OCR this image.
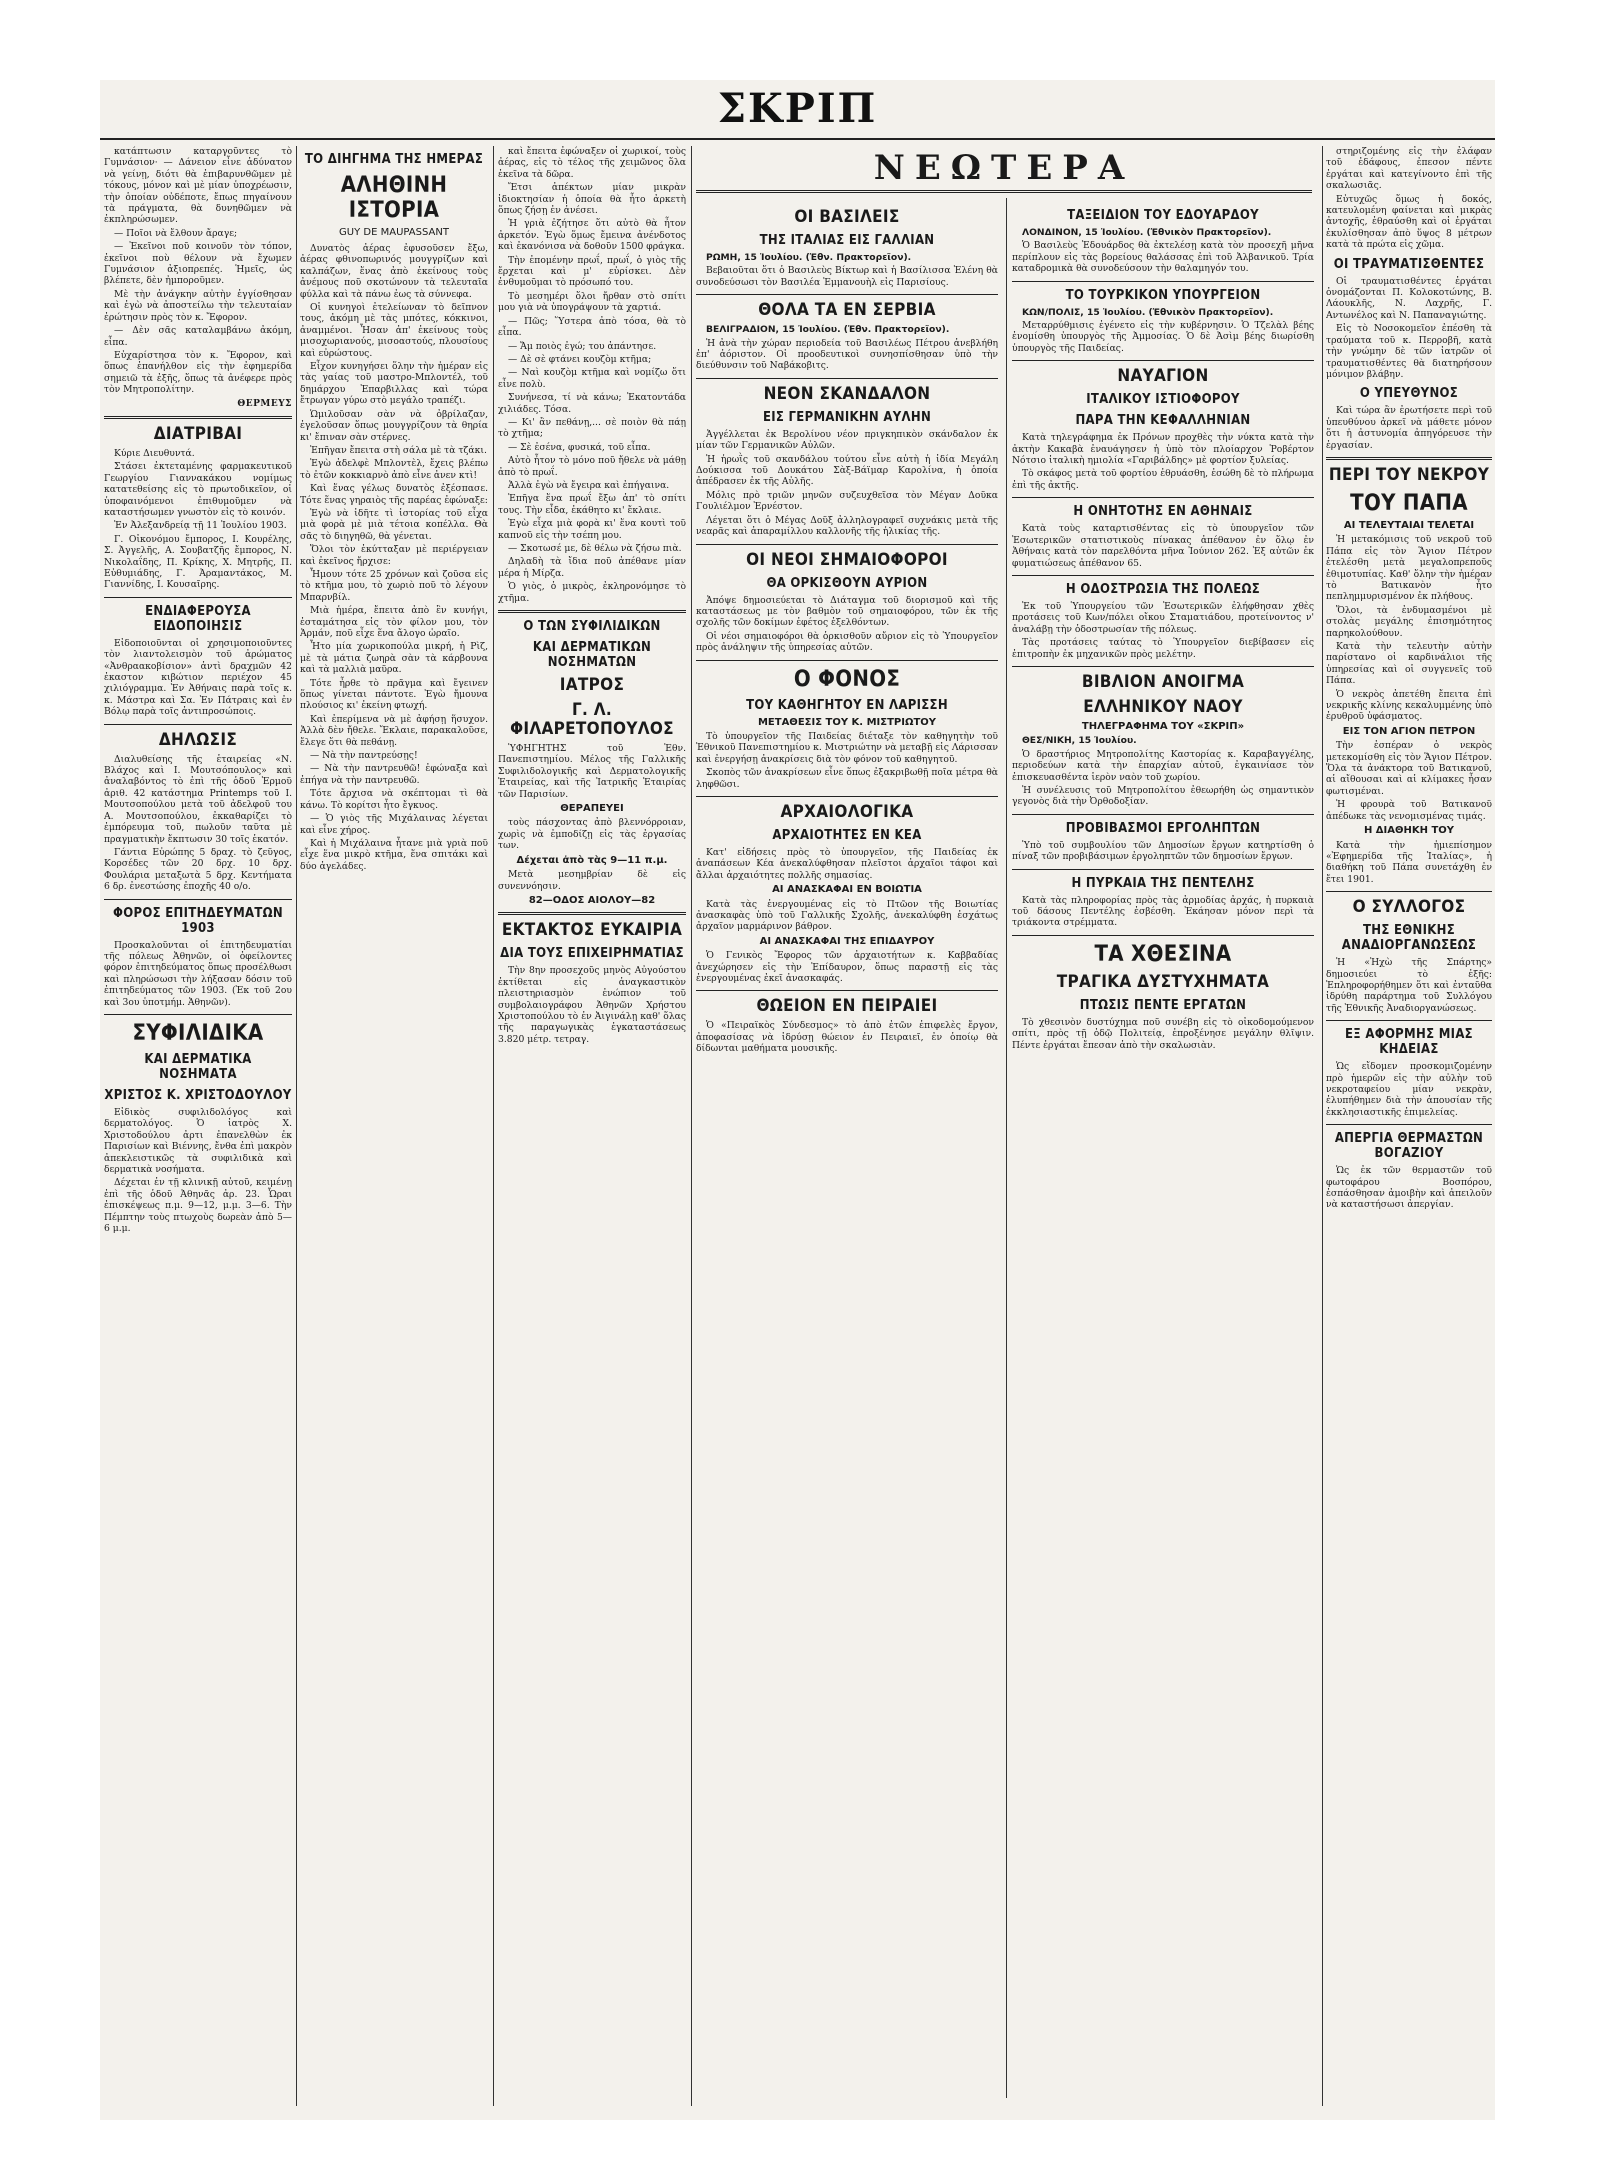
ΣΚΡΙΠ

κατάπτωσιν καταργοῦντες τὸ Γυμνάσιον· — Δάνειον εἶνε ἀδύνατον νὰ γείνῃ, διότι θὰ ἐπιβαρυνθῶμεν μὲ τόκους, μόνον καὶ μὲ μίαν ὑποχρέωσιν, τὴν ὁποίαν οὐδέποτε, ἔπως πηγαίνουν τὰ πράγματα, θὰ δυνηθῶμεν νὰ ἐκπληρώσωμεν.

— Ποῖοι νὰ ἔλθουν ἄραγε;

— Ἐκεῖνοι ποῦ κοινοῦν τὸν τόπον, ἐκεῖνοι ποὺ θέλουν νὰ ἔχωμεν Γυμνάσιον ἀξιοπρεπές. Ἡμεῖς, ὡς βλέπετε, δὲν ἠμποροῦμεν.

Μὲ τὴν ἀνάγκην αὐτὴν ἐγγίσθησαν καὶ ἐγὼ νὰ ἀποστείλω τὴν τελευταίαν ἐρώτησιν πρὸς τὸν κ. Ἔφορον.

— Δὲν σᾶς καταλαμβάνω ἀκόμη, εἶπα.

Εὐχαρίστησα τὸν κ. Ἔφορον, καὶ ὅπως ἐπανήλθον εἰς τὴν ἐφημερίδα σημειῶ τὰ ἐξῆς, ὅπως τὰ ἀνέφερε πρὸς τὸν Μητροπολίτην.

ΘΕΡΜΕΥΣ
ΔΙΑΤΡΙΒΑΙ

Κύριε Διευθυντά.

Στάσει ἐκτεταμένης φαρμακευτικοῦ Γεωργίου Γιαννακάκου νομίμως κατατεθείσης εἰς τὸ πρωτοδικεῖον, οἱ ὑποφαινόμενοι ἐπιθυμοῦμεν νὰ καταστήσωμεν γνωστὸν εἰς τὸ κοινόν.

Ἐν Ἀλεξανδρείᾳ τῇ 11 Ἰουλίου 1903.

Γ. Οἰκονόμου ἔμπορος, Ι. Κουρέλης, Σ. Ἀγγελῆς, Α. Σουβατζῆς ἔμπορος, Ν. Νικολαΐδης, Π. Κρίκης, Χ. Μητρῆς, Π. Εὐθυμιάδης, Γ. Ἀραμαντάκος, Μ. Γιαννίδης, Ι. Κουσαῖρης.

ΕΝΔΙΑΦΕΡΟΥΣΑ ΕΙΔΟΠΟΙΗΣΙΣ

Εἰδοποιοῦνται οἱ χρησιμοποιοῦντες τὸν λιαντολεισμὸν τοῦ ἀρώματος «Ἀνθραακοβίσιον» ἀντὶ δραχμῶν 42 ἐκαστον κιβώτιον περιέχον 45 χιλιόγραμμα. Ἐν Ἀθήναις παρὰ τοῖς κ. κ. Μάστρα καὶ Σα. Ἐν Πάτραις καὶ ἐν Βόλῳ παρὰ τοῖς ἀντιπροσώποις.

ΔΗΛΩΣΙΣ

Διαλυθείσης τῆς ἑταιρείας «Ν. Βλάχος καὶ Ι. Μουτσόπουλος» καὶ ἀναλαβόντος τὸ ἐπὶ τῆς ὁδοῦ Ἑρμοῦ ἀριθ. 42 κατάστημα Printemps τοῦ Ι. Μουτσοπούλου μετὰ τοῦ ἀδελφοῦ του Α. Μουτσοπούλου, ἐκκαθαρίζει τὸ ἐμπόρευμα τοῦ, πωλοῦν ταῦτα μὲ πραγματικὴν ἔκπτωσιν 30 τοῖς ἑκατόν.

Γάντια Εὐρώπης 5 δραχ. τὸ ζεῦγος, Κορσέδες τῶν 20 δρχ. 10 δρχ. Φουλάρια μεταξωτὰ 5 δρχ. Κεντήματα 6 δρ. ἐνεστώσης ἐποχῆς 40 ο/ο.

ΦΟΡΟΣ ΕΠΙΤΗΔΕΥΜΑΤΩΝ 1903

Προσκαλοῦνται οἱ ἐπιτηδευματίαι τῆς πόλεως Ἀθηνῶν, οἱ ὀφείλοντες φόρον ἐπιτηδεύματος ὅπως προσέλθωσι καὶ πληρώσωσι τὴν λήξασαν δόσιν τοῦ ἐπιτηδεύματος τῶν 1903. (Ἐκ τοῦ 2ου καὶ 3ου ὑποτμήμ. Ἀθηνῶν).

ΣΥΦΙΛΙΔΙΚΑ
ΚΑΙ ΔΕΡΜΑΤΙΚΑ ΝΟΣΗΜΑΤΑ
ΧΡΙΣΤΟΣ Κ. ΧΡΙΣΤΟΔΟΥΛΟΥ

Εἰδικὸς συφιλιδολόγος καὶ δερματολόγος. Ὁ ἰατρὸς Χ. Χριστοδούλου ἀρτι ἐπανελθὼν ἐκ Παρισίων καὶ Βιέννης, ἔνθα ἐπὶ μακρὸν ἀπεκλειστικῶς τὰ συφιλιδικὰ καὶ δερματικὰ νοσήματα.

Δέχεται ἐν τῇ κλινικῇ αὐτοῦ, κειμένῃ ἐπὶ τῆς ὁδοῦ Ἀθηνᾶς ἀρ. 23. Ὧραι ἐπισκέψεως π.μ. 9—12, μ.μ. 3—6. Τὴν Πέμπτην τοὺς πτωχοὺς δωρεὰν ἀπὸ 5—6 μ.μ.

ΤΟ ΔΙΗΓΗΜΑ ΤΗΣ ΗΜΕΡΑΣ
ΑΛΗΘΙΝΗ ΙΣΤΟΡΙΑ
GUY DE MAUPASSANT

Δυνατὸς ἀέρας ἐφυσοῦσεν ἔξω, ἀέρας φθινοπωρινός μουγγρίζων καὶ καλπάζων, ἕνας ἀπὸ ἐκείνους τοὺς ἀνέμους ποῦ σκοτώνουν τὰ τελευταῖα φύλλα καὶ τὰ πάνω ἐως τὰ σύννεφα.

Οἱ κυνηγοὶ ἐτελείωναν τὸ δεῖπνον τους, ἀκόμη μὲ τὰς μπότες, κόκκινοι, ἀναμμένοι. Ἦσαν ἀπ' ἐκείνους τοὺς μισοχωριανούς, μισοαστούς, πλουσίους καὶ εὐρώστους.

Εἶχον κυνηγήσει ὅλην τὴν ἡμέραν εἰς τὰς γαίας τοῦ μαστρο-Μπλοντέλ, τοῦ δημάρχου Ἐπαρβιλλας καὶ τώρα ἔτρωγαν γύρω στὸ μεγάλο τραπέζι.

Ὡμιλοῦσαν σὰν νὰ ὀβρίλαζαν, ἐγελοῦσαν ὅπως μουγγρίζουν τὰ θηρία κι' ἔπιναν σὰν στέρνες.

Ἐπῆγαν ἔπειτα στὴ σάλα μὲ τὰ τζάκι.

Ἐγὼ ἀδελφὲ Μπλοντὲλ, ἔχεις βλέπω τὸ ἐτῶν κοκκιαρνὸ ἀπὸ εἶνε ἀνεν κτὶ!

Καὶ ἕνας γέλως δυνατὸς ἐξέσπασε. Τότε ἕνας γηραιὸς τῆς παρέας ἐφώναξε:

Ἐγὼ νὰ ἰδῆτε τὶ ἱστορίας τοῦ εἶχα μιὰ φορὰ μὲ μιὰ τέτοια κοπέλλα. Θὰ σᾶς τὸ διηγηθῶ, θὰ γένεται.

Ὅλοι τὸν ἐκύτταξαν μὲ περιέργειαν καὶ ἐκεῖνος ἤρχισε:

Ἦμουν τότε 25 χρόνων καὶ ζοῦσα εἰς τὸ κτῆμα μου, τὸ χωριὸ ποῦ τὸ λέγουν Μπαρνβίλ.

Μιὰ ἡμέρα, ἔπειτα ἀπὸ ἓν κυνήγι, ἐσταμάτησα εἰς τὸν φίλον μου, τὸν Ἀρμάν, ποῦ εἶχε ἕνα ἄλογο ὡραῖο.

Ἦτο μία χωρικοπούλα μικρή, ἡ Ρὶζ, μὲ τὰ μάτια ζωηρὰ σὰν τὰ κάρβουνα καὶ τὰ μαλλιὰ μαῦρα.

Τότε ἦρθε τὸ πρᾶγμα καὶ ἔγεινεν ὅπως γίνεται πάντοτε. Ἐγὼ ἤμουνα πλούσιος κι' ἐκείνη φτωχή.

Καὶ ἐπερίμενα νὰ μὲ ἀφήσῃ ἥσυχον. Ἀλλὰ δὲν ἤθελε. Ἔκλαιε, παρακαλοῦσε, ἔλεγε ὅτι θὰ πεθάνῃ.

— Νὰ τὴν παντρεύσῃς!

— Νὰ τὴν παντρευθῶ! ἐφώναξα καὶ ἐπήγα νὰ τὴν παντρευθῶ.

Τότε ἄρχισα νὰ σκέπτομαι τὶ θὰ κάνω. Τὸ κορίτσι ἦτο ἔγκυος.

— Ὁ γιὸς τῆς Μιχάλαινας λέγεται καὶ εἶνε χήρος.

Καὶ ἡ Μιχάλαινα ἦτανε μιὰ γριὰ ποῦ εἶχε ἕνα μικρὸ κτῆμα, ἕνα σπιτάκι καὶ δύο ἀγελάδες.

καὶ ἔπειτα ἐφώναξεν οἱ χωρικοί, τοὺς ἀέρας, εἰς τὸ τέλος τῆς χειμῶνος ὅλα ἐκεῖνα τὰ δῶρα.

Ἔτσι ἀπέκτων μίαν μικρὰν ἰδιοκτησίαν ἡ ὁποία θὰ ἦτο ἀρκετὴ ὅπως ζήσῃ ἐν ἀνέσει.

Ἡ γριὰ ἐζήτησε ὅτι αὐτὸ θὰ ἦτον ἀρκετόν. Ἐγὼ ὅμως ἔμεινα ἀνένδοτος καὶ ἐκανόνισα νὰ δοθοῦν 1500 φράγκα.

Τὴν ἐπομένην πρωΐ, πρωΐ, ὁ γιὸς τῆς ἔρχεται καὶ μ' εὑρίσκει. Δὲν ἐνθυμοῦμαι τὸ πρόσωπό του.

Τὸ μεσημέρι ὅλοι ἤρθαν στὸ σπίτι μου γιὰ νὰ ὑπογράψουν τὰ χαρτιά.

— Πῶς; Ὕστερα ἀπὸ τόσα, θὰ τὸ εἶπα.

— Ἄμ ποιὸς ἐγώ; του ἀπάντησε.

— Δὲ σὲ φτάνει κουζὸμ κτῆμα;

— Ναὶ κουζὸμ κτῆμα καὶ νομίζω ὅτι εἶνε πολὺ.

Συνήνεσα, τί νὰ κάνω; Ἐκατοντάδα χιλιάδες. Τόσα.

— Κι' ἂν πεθάνῃ,... σὲ ποιὸν θὰ πάῃ τὸ χτῆμα;

— Σὲ ἐσένα, φυσικά, τοῦ εἶπα.

Αὐτὸ ἦτον τὸ μόνο ποῦ ἤθελε νὰ μάθῃ ἀπὸ τὸ πρωΐ.

Ἀλλὰ ἐγὼ νὰ ἔγειρα καὶ ἐπήγαινα.

Ἐπῆγα ἕνα πρωΐ ἔξω ἀπ' τὸ σπίτι τους. Τὴν εἶδα, ἐκάθητο κι' ἔκλαιε.

Ἐγὼ εἶχα μιὰ φορὰ κι' ἕνα κουτὶ τοῦ καπνοῦ εἰς τὴν τσέπη μου.

— Σκοτωσέ με, δὲ θέλω νὰ ζήσω πιὰ.

Δηλαδὴ τὰ ἴδια ποῦ ἀπέθανε μίαν μέρα ἡ Μίρζα.

Ὁ γιὸς, ὁ μικρὸς, ἐκληρονόμησε τὸ χτῆμα.

Ο ΤΩΝ ΣΥΦΙΛΙΔΙΚΩΝ
ΚΑΙ ΔΕΡΜΑΤΙΚΩΝ ΝΟΣΗΜΑΤΩΝ
ΙΑΤΡΟΣ
Γ. Λ. ΦΙΛΑΡΕΤΟΠΟΥΛΟΣ

ὙΦΗΓΗΤΗΣ τοῦ Ἐθν. Πανεπιστημίου. Μέλος τῆς Γαλλικῆς Συφιλιδολογικῆς καὶ Δερματολογικῆς Ἑταιρείας, καὶ τῆς Ἰατρικῆς Ἑταιρίας τῶν Παρισίων.

ΘΕΡΑΠΕΥΕΙ

τοὺς πάσχοντας ἀπὸ βλεννόρροιαν, χωρὶς νὰ ἐμποδίζῃ εἰς τὰς ἐργασίας των.

Δέχεται ἀπὸ τὰς 9—11 π.μ.

Μετὰ μεσημβρίαν δὲ εἰς συνεννόησιν.

82—ΟΔΟΣ ΑΙΟΛΟΥ—82
ΕΚΤΑΚΤΟΣ ΕΥΚΑΙΡΙΑ
ΔΙΑ ΤΟΥΣ ΕΠΙΧΕΙΡΗΜΑΤΙΑΣ

Τὴν 8ην προσεχοῦς μηνὸς Αὐγούστου ἐκτίθεται εἰς ἀναγκαστικὸν πλειστηριασμὸν ἐνώπιον τοῦ συμβολαιογράφου Ἀθηνῶν Χρήστου Χριστοπούλου τὸ ἐν Ἀιγινάλῃ καθ' ὅλας τῆς παραγωγικὰς ἐγκαταστάσεως 3.820 μέτρ. τετραγ.

ΝΕΩΤΕΡΑ
ΟΙ ΒΑΣΙΛΕΙΣ
ΤΗΣ ΙΤΑΛΙΑΣ ΕΙΣ ΓΑΛΛΙΑΝ

ΡΩΜΗ, 15 Ἰουλίου. (Ἐθν. Πρακτορεῖον).

Βεβαιοῦται ὅτι ὁ Βασιλεὺς Βίκτωρ καὶ ἡ Βασίλισσα Ἑλένη θὰ συνοδεύσωσι τὸν Βασιλέα Ἐμμανουὴλ εἰς Παρισίους.

ΘΟΛΑ ΤΑ ΕΝ ΣΕΡΒΙΑ

ΒΕΛΙΓΡΑΔΙΟΝ, 15 Ἰουλίου. (Ἐθν. Πρακτορεῖον).

Ἡ ἀνὰ τὴν χώραν περιοδεία τοῦ Βασιλέως Πέτρου ἀνεβλήθη ἐπ' ἀόριστον. Οἱ προοδευτικοὶ συνησπίσθησαν ὑπὸ τὴν διεύθυνσιν τοῦ Ναβάκοβιτς.

ΝΕΟΝ ΣΚΑΝΔΑΛΟΝ
ΕΙΣ ΓΕΡΜΑΝΙΚΗΝ ΑΥΛΗΝ

Ἀγγέλλεται ἐκ Βερολίνου νέον πριγκηπικὸν σκάνδαλον ἐκ μίαν τῶν Γερμανικῶν Αὐλῶν.

Ἡ ἡρωῒς τοῦ σκανδάλου τούτου εἶνε αὐτὴ ἡ ἰδία Μεγάλη Δούκισσα τοῦ Δουκάτου Σὰξ-Βάϊμαρ Καρολίνα, ἡ ὁποία ἀπέδρασεν ἐκ τῆς Αὐλῆς.

Μόλις πρὸ τριῶν μηνῶν συζευχθεῖσα τὸν Μέγαν Δοῦκα Γουλιέλμον Ἐρνέστον.

Λέγεται ὅτι ὁ Μέγας Δοῦξ ἀλληλογραφεῖ συχνάκις μετὰ τῆς νεαρᾶς καὶ ἀπαραμίλλου καλλονῆς τῆς ἡλικίας τῆς.

ΟΙ ΝΕΟΙ ΣΗΜΑΙΟΦΟΡΟΙ
ΘΑ ΟΡΚΙΣΘΟΥΝ ΑΥΡΙΟΝ

Ἀπόψε δημοσιεύεται τὸ Διάταγμα τοῦ διορισμοῦ καὶ τῆς καταστάσεως με τὸν βαθμὸν τοῦ σημαιοφόρου, τῶν ἐκ τῆς σχολῆς τῶν δοκίμων ἐφέτος ἐξελθόντων.

Οἱ νέοι σημαιοφόροι θὰ ὁρκισθοῦν αὔριον εἰς τὸ Ὑπουργεῖον πρὸς ἀνάληψιν τῆς ὑπηρεσίας αὐτῶν.

Ο ΦΟΝΟΣ
ΤΟΥ ΚΑΘΗΓΗΤΟΥ ΕΝ ΛΑΡΙΣΣΗ
ΜΕΤΑΘΕΣΙΣ ΤΟΥ Κ. ΜΙΣΤΡΙΩΤΟΥ

Τὸ ὑπουργεῖον τῆς Παιδείας διέταξε τὸν καθηγητὴν τοῦ Ἐθνικοῦ Πανεπιστημίου κ. Μιστριώτην νὰ μεταβῇ εἰς Λάρισσαν καὶ ἐνεργήσῃ ἀνακρίσεις διὰ τὸν φόνον τοῦ καθηγητοῦ.

Σκοπὸς τῶν ἀνακρίσεων εἶνε ὅπως ἐξακριβωθῇ ποῖα μέτρα θὰ ληφθῶσι.

ΑΡΧΑΙΟΛΟΓΙΚΑ
ΑΡΧΑΙΟΤΗΤΕΣ ΕΝ ΚΕΑ

Κατ' εἰδήσεις πρὸς τὸ ὑπουργεῖον, τῆς Παιδείας ἐκ ἀναπάσεων Κέα ἀνεκαλύφθησαν πλεῖστοι ἀρχαῖοι τάφοι καὶ ἄλλαι ἀρχαιότητες πολλῆς σημασίας.

ΑΙ ΑΝΑΣΚΑΦΑΙ ΕΝ ΒΟΙΩΤΙΑ

Κατὰ τὰς ἐνεργουμένας εἰς τὸ Πτῶον τῆς Βοιωτίας ἀνασκαφὰς ὑπὸ τοῦ Γαλλικῆς Σχολῆς, ἀνεκαλύφθη ἐσχάτως ἀρχαῖον μαρμάρινον βάθρον.

ΑΙ ΑΝΑΣΚΑΦΑΙ ΤΗΣ ΕΠΙΔΑΥΡΟΥ

Ὁ Γενικὸς Ἔφορος τῶν ἀρχαιοτήτων κ. Καββαδίας ἀνεχώρησεν εἰς τὴν Ἐπίδαυρον, ὅπως παραστῇ εἰς τὰς ἐνεργουμένας ἐκεῖ ἀνασκαφάς.

ΘΩΕΙΟΝ ΕΝ ΠΕΙΡΑΙΕΙ

Ὁ «Πειραϊκὸς Σύνδεσμος» τὸ ἀπὸ ἐτῶν ἐπιφελὲς ἔργον, ἀποφασίσας νὰ ἱδρύσῃ θώειον ἐν Πειραιεῖ, ἐν ὁποίῳ θὰ δίδωνται μαθήματα μουσικῆς.

ΤΑΞΕΙΔΙΟΝ ΤΟΥ ΕΔΟΥΑΡΔΟΥ

ΛΟΝΔΙΝΟΝ, 15 Ἰουλίου. (Ἐθνικὸν Πρακτορεῖον).

Ὁ Βασιλεὺς Ἐδουάρδος θὰ ἐκτελέσῃ κατὰ τὸν προσεχῆ μῆνα περίπλουν εἰς τὰς βορείους θαλάσσας ἐπὶ τοῦ Ἀλβανικοῦ. Τρία καταδρομικὰ θὰ συνοδεύσουν τὴν θαλαμηγόν του.

ΤΟ ΤΟΥΡΚΙΚΟΝ ΥΠΟΥΡΓΕΙΟΝ

ΚΩΝ/ΠΟΛΙΣ, 15 Ἰουλίου. (Ἐθνικὸν Πρακτορεῖον).

Μεταρρύθμισις ἐγένετο εἰς τὴν κυβέρνησιν. Ὁ Τζελὰλ βέης ἐνομίσθη ὑπουργὸς τῆς Ἀμμοσίας. Ὁ δὲ Ἀσὶμ βέης διωρίσθη ὑπουργὸς τῆς Παιδείας.

ΝΑΥΑΓΙΟΝ
ΙΤΑΛΙΚΟΥ ΙΣΤΙΟΦΟΡΟΥ
ΠΑΡΑ ΤΗΝ ΚΕΦΑΛΛΗΝΙΑΝ

Κατὰ τηλεγράφημα ἐκ Πρόνων προχθὲς τὴν νύκτα κατὰ τὴν ἀκτὴν Κακαβὰ ἐναυάγησεν ἡ ὑπὸ τὸν πλοίαρχον Ῥοβέρτον Νότσιο ἰταλικὴ ημιολία «Γαριβάλδης» μὲ φορτίον ξυλείας.

Τὸ σκάφος μετὰ τοῦ φορτίου ἐθρυάσθη, ἐσώθη δὲ τὸ πλήρωμα ἐπὶ τῆς ἀκτῆς.

Η ΟΝΗΤΟΤΗΣ ΕΝ ΑΘΗΝΑΙΣ

Κατὰ τοὺς καταρτισθέντας εἰς τὸ ὑπουργεῖον τῶν Ἐσωτερικῶν στατιστικοὺς πίνακας ἀπέθανον ἐν ὅλῳ ἐν Ἀθήναις κατὰ τὸν παρελθόντα μῆνα Ἰούνιον 262. Ἐξ αὐτῶν ἐκ φυματιώσεως ἀπέθανον 65.

Η ΟΔΟΣΤΡΩΣΙΑ ΤΗΣ ΠΟΛΕΩΣ

Ἐκ τοῦ Ὑπουργείου τῶν Ἐσωτερικῶν ἐλήφθησαν χθὲς προτάσεις τοῦ Κων/πόλει οἴκου Σταματιάδου, προτείνοντος ν' ἀναλάβῃ τὴν ὁδοστρωσίαν τῆς πόλεως.

Τὰς προτάσεις ταύτας τὸ Ὑπουργεῖον διεβίβασεν εἰς ἐπιτροπὴν ἐκ μηχανικῶν πρὸς μελέτην.

ΒΙΒΛΙΟΝ ΑΝΟΙΓΜΑ
ΕΛΛΗΝΙΚΟΥ ΝΑΟΥ
ΤΗΛΕΓΡΑΦΗΜΑ ΤΟΥ «ΣΚΡΙΠ»

ΘΕΣ/ΝΙΚΗ, 15 Ἰουλίου.

Ὁ δραστήριος Μητροπολίτης Καστορίας κ. Καραβαγγέλης, περιοδεύων κατὰ τὴν ἐπαρχίαν αὐτοῦ, ἐγκαινίασε τὸν ἐπισκευασθέντα ἱερὸν ναὸν τοῦ χωρίου.

Ἡ συνέλευσις τοῦ Μητροπολίτου ἐθεωρήθη ὡς σημαντικὸν γεγονὸς διὰ τὴν Ὀρθοδοξίαν.

ΠΡΟΒΙΒΑΣΜΟΙ ΕΡΓΟΛΗΠΤΩΝ

Ὑπὸ τοῦ συμβουλίου τῶν Δημοσίων ἔργων κατηρτίσθη ὁ πίναξ τῶν προβιβάσιμων ἐργοληπτῶν τῶν δημοσίων ἔργων.

Η ΠΥΡΚΑΙΑ ΤΗΣ ΠΕΝΤΕΛΗΣ

Κατὰ τὰς πληροφορίας πρὸς τὰς ἁρμοδίας ἀρχάς, ἡ πυρκαιὰ τοῦ δάσους Πεντέλης ἐσβέσθη. Ἐκάησαν μόνον περὶ τὰ τριάκοντα στρέμματα.

ΤΑ ΧΘΕΣΙΝΑ
ΤΡΑΓΙΚΑ ΔΥΣΤΥΧΗΜΑΤΑ
ΠΤΩΣΙΣ ΠΕΝΤΕ ΕΡΓΑΤΩΝ

Τὸ χθεσινὸν δυστύχημα ποῦ συνέβη εἰς τὸ οἰκοδομούμενον σπίτι, πρὸς τῇ ὁδῷ Πολιτείᾳ, ἐπροξένησε μεγάλην θλῖψιν. Πέντε ἐργάται ἔπεσαν ἀπὸ τὴν σκαλωσιὰν.

στηριζομένης εἰς τὴν ἐλάφαν τοῦ ἐδάφους, ἐπεσον πέντε ἐργάται καὶ κατεγίνοντο ἐπὶ τῆς σκαλωσιᾶς.

Εὐτυχῶς ὅμως ἡ δοκός, κατευλομένη φαίνεται καὶ μικρὰς ἀντοχῆς, ἐθραύσθη καὶ οἱ ἐργάται ἐκυλίσθησαν ἀπὸ ὕψος 8 μέτρων κατὰ τὰ πρώτα εἰς χῶμα.

ΟΙ ΤΡΑΥΜΑΤΙΣΘΕΝΤΕΣ

Οἱ τραυματισθέντες ἐργάται ὀνομάζονται Π. Κολοκοτώνης, Β. Λάουκλῆς, Ν. Λαχρῆς, Γ. Αντωνέλος καὶ Ν. Παπαναγιώτης.

Εἰς τὸ Νοσοκομεῖον ἐπέσθη τὰ τραύματα τοῦ κ. Περροβῆ, κατὰ τὴν γνώμην δὲ τῶν ἰατρῶν οἱ τραυματισθέντες θὰ διατηρήσουν μόνιμον βλάβην.

Ο ΥΠΕΥΘΥΝΟΣ

Καὶ τώρα ἂν ἐρωτήσετε περὶ τοῦ ὑπευθύνου ἀρκεῖ νὰ μάθετε μόνον ὅτι ἡ ἀστυνομία ἀπηγόρευσε τὴν ἐργασίαν.

ΠΕΡΙ ΤΟΥ ΝΕΚΡΟΥ
ΤΟΥ ΠΑΠΑ
ΑΙ ΤΕΛΕΥΤΑΙΑΙ ΤΕΛΕΤΑΙ

Ἡ μετακόμισις τοῦ νεκροῦ τοῦ Πάπα εἰς τὸν Ἅγιον Πέτρον ἐτελέσθη μετὰ μεγαλοπρεποῦς ἐθιμοτυπίας. Καθ' ὅλην τὴν ἡμέραν τὸ Βατικανὸν ἦτο πεπλημμυρισμένον ἐκ πλήθους.

Ὅλοι, τὰ ἐνδυμασμένοι μὲ στολὰς μεγάλης ἐπισημότητος παρηκολούθουν.

Κατὰ τὴν τελευτὴν αὐτὴν παρίστανο οἱ καρδινάλιοι τῆς ὑπηρεσίας καὶ οἱ συγγενεῖς τοῦ Πάπα.

Ὁ νεκρὸς ἀπετέθη ἔπειτα ἐπὶ νεκρικῆς κλίνης κεκαλυμμένης ὑπὸ ἐρυθροῦ ὑφάσματος.

ΕΙΣ ΤΟΝ ΑΓΙΟΝ ΠΕΤΡΟΝ

Τὴν ἑσπέραν ὁ νεκρὸς μετεκομίσθη εἰς τὸν Ἅγιον Πέτρον. Ὅλα τὰ ἀνάκτορα τοῦ Βατικανοῦ, αἱ αἴθουσαι καὶ αἱ κλίμακες ἦσαν φωτισμέναι.

Ἡ φρουρὰ τοῦ Βατικανοῦ ἀπέδωκε τὰς νενομισμένας τιμάς.

Η ΔΙΑΘΗΚΗ ΤΟΥ

Κατὰ τὴν ἡμιεπίσημον «Ἐφημερίδα τῆς Ἰταλίας», ἡ διαθήκη τοῦ Πάπα συνετάχθη ἐν ἔτει 1901.

Ο ΣΥΛΛΟΓΟΣ
ΤΗΣ ΕΘΝΙΚΗΣ ΑΝΑΔΙΟΡΓΑΝΩΣΕΩΣ

Ἡ «Ἠχὼ τῆς Σπάρτης» δημοσιεύει τὸ ἐξῆς: Ἐπληροφορήθημεν ὅτι καὶ ἐνταῦθα ἱδρύθη παράρτημα τοῦ Συλλόγου τῆς Ἐθνικῆς Ἀναδιοργανώσεως.

ΕΞ ΑΦΟΡΜΗΣ ΜΙΑΣ ΚΗΔΕΙΑΣ

Ὡς εἴδομεν προσκομιζομένην πρὸ ἡμερῶν εἰς τὴν αὐλὴν τοῦ νεκροταφείου μίαν νεκρὰν, ἐλυπήθημεν διὰ τὴν ἀπουσίαν τῆς ἐκκλησιαστικῆς ἐπιμελείας.

ΑΠΕΡΓΙΑ ΘΕΡΜΑΣΤΩΝ ΒΟΓΑΖΙΟΥ

Ὡς ἐκ τῶν θερμαστῶν τοῦ φωτοφάρου Βοσπόρου, ἐσπάσθησαν ἀμοιβὴν καὶ ἀπειλοῦν νὰ καταστήσωσι ἀπεργίαν.
